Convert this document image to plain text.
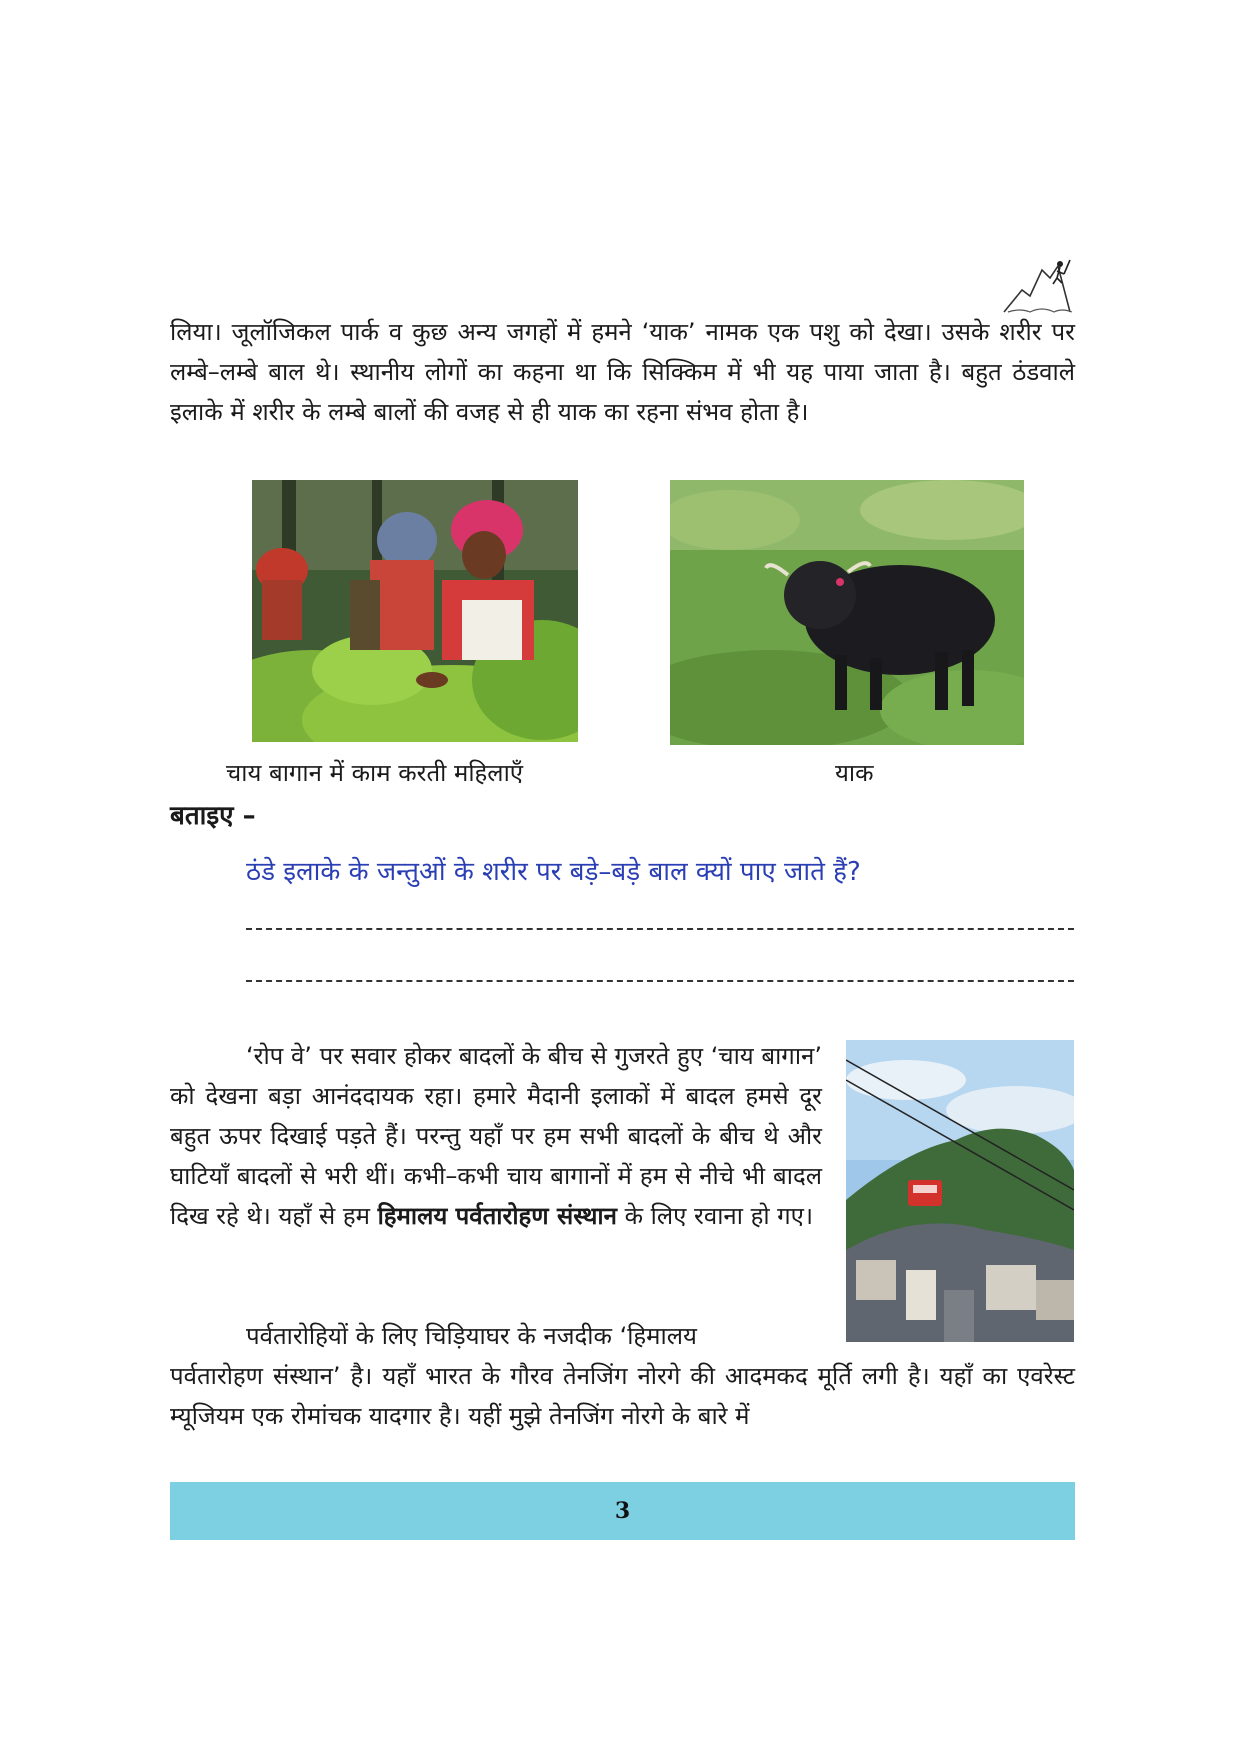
लिया। जूलॉजिकल पार्क व कुछ अन्य जगहों में हमने ‘याक’ नामक एक पशु को देखा। उसके शरीर पर लम्बे–लम्बे बाल थे। स्थानीय लोगों का कहना था कि सिक्किम में भी यह पाया जाता है। बहुत ठंडवाले इलाके में शरीर के लम्बे बालों की वजह से ही याक का रहना संभव होता है।

चाय बागान में काम करती महिलाएँ	याक

बताइए –

ठंडे इलाके के जन्तुओं के शरीर पर बड़े–बड़े बाल क्यों पाए जाते हैं?

‘रोप वे’ पर सवार होकर बादलों के बीच से गुजरते हुए ‘चाय बागान’ को देखना बड़ा आनंददायक रहा। हमारे मैदानी इलाकों में बादल हमसे दूर बहुत ऊपर दिखाई पड़ते हैं। परन्तु यहाँ पर हम सभी बादलों के बीच थे और घाटियाँ बादलों से भरी थीं। कभी–कभी चाय बागानों में हम से नीचे भी बादल दिख रहे थे। यहाँ से हम हिमालय पर्वतारोहण संस्थान के लिए रवाना हो गए।

पर्वतारोहियों के लिए चिड़ियाघर के नजदीक ‘हिमालय

पर्वतारोहण संस्थान’ है। यहाँ भारत के गौरव तेनजिंग नोरगे की आदमकद मूर्ति लगी है। यहाँ का एवरेस्ट म्यूजियम एक रोमांचक यादगार है। यहीं मुझे तेनजिंग नोरगे के बारे में

3
